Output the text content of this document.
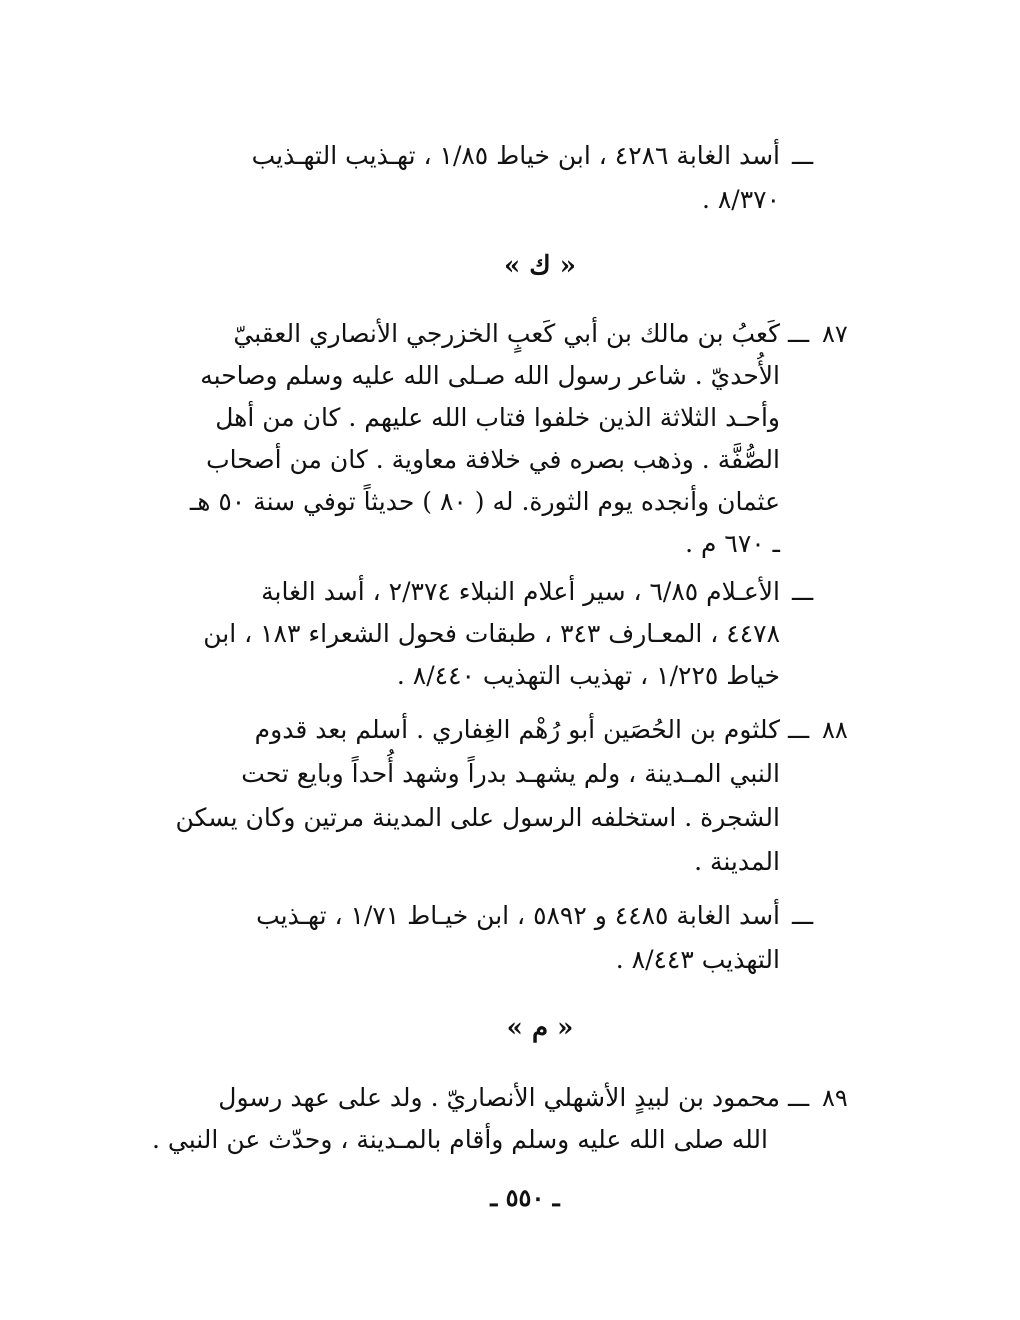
ـــ
أسد الغابة ٤٢٨٦ ، ابن خياط ١/٨٥ ، تهـذيب التهـذيب
٨/٣٧٠ .
« ك »
٨٧
ـــ
كَعبُ بن مالك بن أبي كَعبٍ الخزرجي الأنصاري العقبيّ
الأُحديّ . شاعر رسول الله صـلى الله عليه وسلم وصاحبه
وأحـد الثلاثة الذين خلفوا فتاب الله عليهم . كان من أهل
الصُّفَّة . وذهب بصره في خلافة معاوية . كان من أصحاب
عثمان وأنجده يوم الثورة. له ( ٨٠ ) حديثاً توفي سنة ٥٠ هـ
ـ ٦٧٠ م .
ـــ
الأعـلام ٦/٨٥ ، سير أعلام النبلاء ٢/٣٧٤ ، أسد الغابة
٤٤٧٨ ، المعـارف ٣٤٣ ، طبقات فحول الشعراء ١٨٣ ، ابن
خياط ١/٢٢٥ ، تهذيب التهذيب ٨/٤٤٠ .
٨٨
ـــ
كلثوم بن الحُصَين أبو رُهْم الغِفاري . أسلم بعد قدوم
النبي المـدينة ، ولم يشهـد بدراً وشهد أُحداً وبايع تحت
الشجرة . استخلفه الرسول على المدينة مرتين وكان يسكن
المدينة .
ـــ
أسد الغابة ٤٤٨٥ و ٥٨٩٢ ، ابن خيـاط ١/٧١ ، تهـذيب
التهذيب ٨/٤٤٣ .
« م »
٨٩
ـــ
محمود بن لبيدٍ الأشهلي الأنصاريّ . ولد على عهد رسول
الله صلى الله عليه وسلم وأقام بالمـدينة ، وحدّث عن النبي .
ـ ٥٥٠ ـ
